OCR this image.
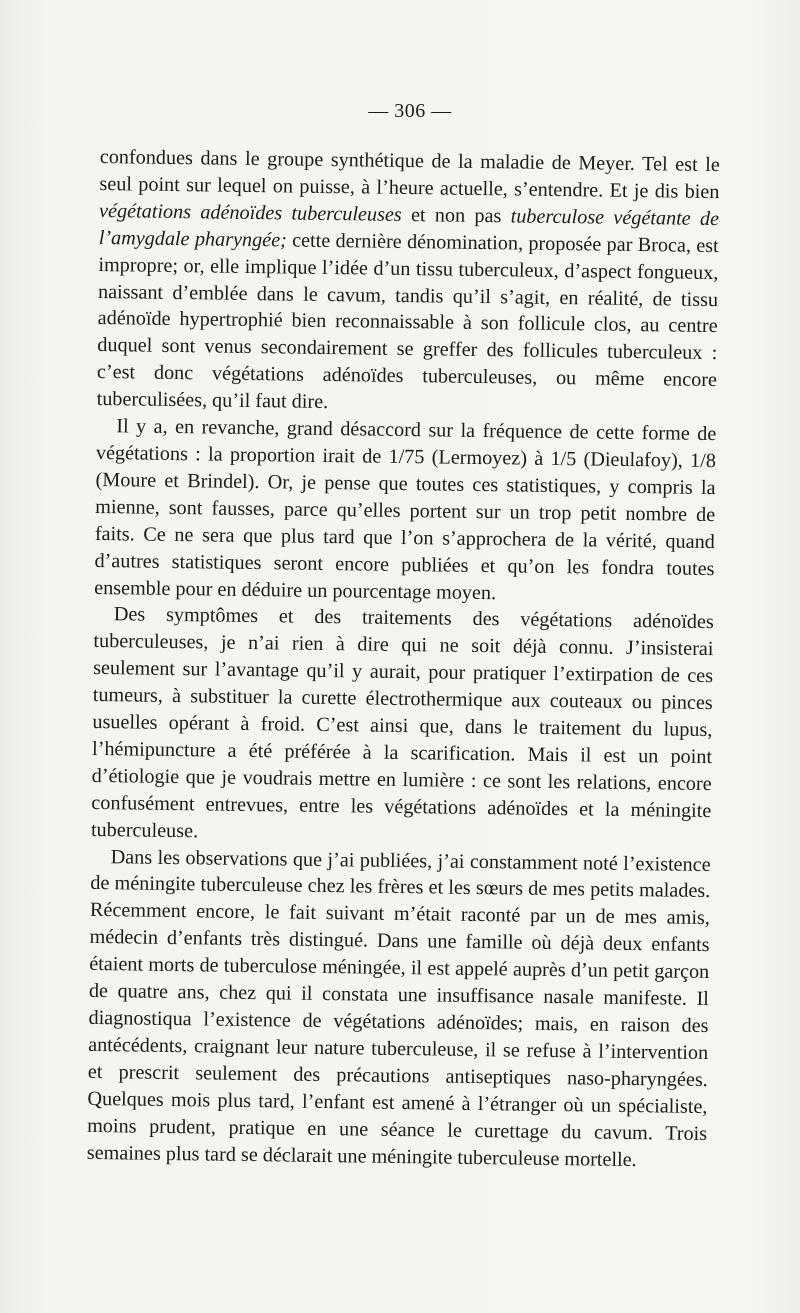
— 306 —

confondues dans le groupe synthétique de la maladie de Meyer. Tel est le seul point sur lequel on puisse, à l’heure actuelle, s’entendre. Et je dis bien végétations adénoïdes tuberculeuses et non pas tuberculose végétante de l’amygdale pharyngée; cette dernière dénomination, proposée par Broca, est impropre; or, elle implique l’idée d’un tissu tuberculeux, d’aspect fongueux, naissant d’emblée dans le cavum, tandis qu’il s’agit, en réalité, de tissu adénoïde hypertrophié bien reconnaissable à son follicule clos, au centre duquel sont venus secondairement se greffer des follicules tuberculeux : c’est donc végétations adénoïdes tuberculeuses, ou même encore tuberculisées, qu’il faut dire.

Il y a, en revanche, grand désaccord sur la fréquence de cette forme de végétations : la proportion irait de 1/75 (Lermoyez) à 1/5 (Dieulafoy), 1/8 (Moure et Brindel). Or, je pense que toutes ces statistiques, y compris la mienne, sont fausses, parce qu’elles portent sur un trop petit nombre de faits. Ce ne sera que plus tard que l’on s’approchera de la vérité, quand d’autres statistiques seront encore publiées et qu’on les fondra toutes ensemble pour en déduire un pourcentage moyen.

Des symptômes et des traitements des végétations adénoïdes tuberculeuses, je n’ai rien à dire qui ne soit déjà connu. J’insisterai seulement sur l’avantage qu’il y aurait, pour pratiquer l’extirpation de ces tumeurs, à substituer la curette électrothermique aux couteaux ou pinces usuelles opérant à froid. C’est ainsi que, dans le traitement du lupus, l’hémipuncture a été préférée à la scarification. Mais il est un point d’étiologie que je voudrais mettre en lumière : ce sont les relations, encore confusément entrevues, entre les végétations adénoïdes et la méningite tuberculeuse.

Dans les observations que j’ai publiées, j’ai constamment noté l’existence de méningite tuberculeuse chez les frères et les sœurs de mes petits malades. Récemment encore, le fait suivant m’était raconté par un de mes amis, médecin d’enfants très distingué. Dans une famille où déjà deux enfants étaient morts de tuberculose méningée, il est appelé auprès d’un petit garçon de quatre ans, chez qui il constata une insuffisance nasale manifeste. Il diagnostiqua l’existence de végétations adénoïdes; mais, en raison des antécédents, craignant leur nature tuberculeuse, il se refuse à l’intervention et prescrit seulement des précautions antiseptiques naso-pharyngées. Quelques mois plus tard, l’enfant est amené à l’étranger où un spécialiste, moins prudent, pratique en une séance le curettage du cavum. Trois semaines plus tard se déclarait une méningite tuberculeuse mortelle.
